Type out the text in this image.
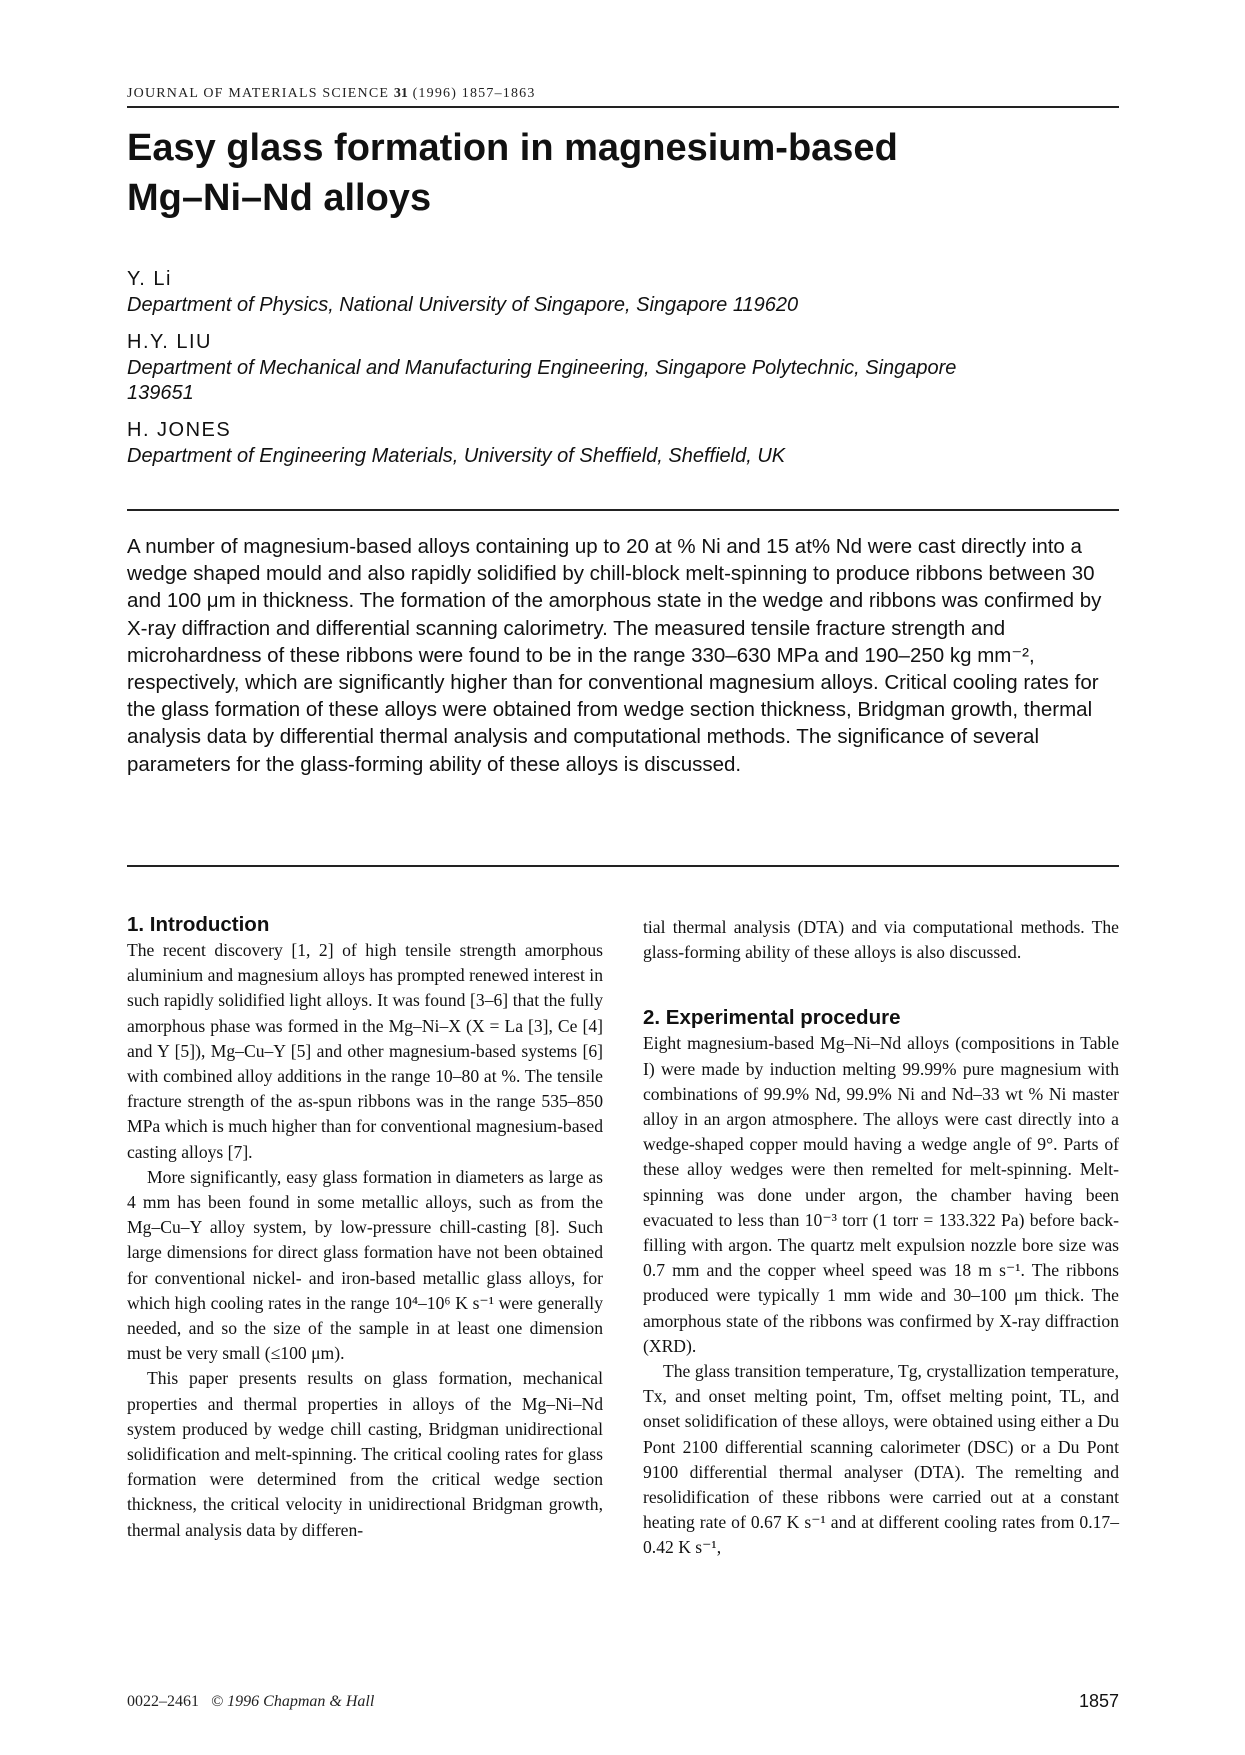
JOURNAL OF MATERIALS SCIENCE 31 (1996) 1857–1863
Easy glass formation in magnesium-based
Mg–Ni–Nd alloys

Y. Li

Department of Physics, National University of Singapore, Singapore 119620

H.Y. LIU

Department of Mechanical and Manufacturing Engineering, Singapore Polytechnic, Singapore 139651

H. JONES

Department of Engineering Materials, University of Sheffield, Sheffield, UK

A number of magnesium-based alloys containing up to 20 at % Ni and 15 at% Nd were cast directly into a wedge shaped mould and also rapidly solidified by chill-block melt-spinning to produce ribbons between 30 and 100 μm in thickness. The formation of the amorphous state in the wedge and ribbons was confirmed by X-ray diffraction and differential scanning calorimetry. The measured tensile fracture strength and microhardness of these ribbons were found to be in the range 330–630 MPa and 190–250 kg mm⁻², respectively, which are significantly higher than for conventional magnesium alloys. Critical cooling rates for the glass formation of these alloys were obtained from wedge section thickness, Bridgman growth, thermal analysis data by differential thermal analysis and computational methods. The significance of several parameters for the glass-forming ability of these alloys is discussed.

1. Introduction

The recent discovery [1, 2] of high tensile strength amorphous aluminium and magnesium alloys has prompted renewed interest in such rapidly solidified light alloys. It was found [3–6] that the fully amorphous phase was formed in the Mg–Ni–X (X = La [3], Ce [4] and Y [5]), Mg–Cu–Y [5] and other magnesium-based systems [6] with combined alloy additions in the range 10–80 at %. The tensile fracture strength of the as-spun ribbons was in the range 535–850 MPa which is much higher than for conventional magnesium-based casting alloys [7].

More significantly, easy glass formation in diameters as large as 4 mm has been found in some metallic alloys, such as from the Mg–Cu–Y alloy system, by low-pressure chill-casting [8]. Such large dimensions for direct glass formation have not been obtained for conventional nickel- and iron-based metallic glass alloys, for which high cooling rates in the range 10⁴–10⁶ K s⁻¹ were generally needed, and so the size of the sample in at least one dimension must be very small (≤100 μm).

This paper presents results on glass formation, mechanical properties and thermal properties in alloys of the Mg–Ni–Nd system produced by wedge chill casting, Bridgman unidirectional solidification and melt-spinning. The critical cooling rates for glass formation were determined from the critical wedge section thickness, the critical velocity in unidirectional Bridgman growth, thermal analysis data by differen-

tial thermal analysis (DTA) and via computational methods. The glass-forming ability of these alloys is also discussed.

2. Experimental procedure

Eight magnesium-based Mg–Ni–Nd alloys (compositions in Table I) were made by induction melting 99.99% pure magnesium with combinations of 99.9% Nd, 99.9% Ni and Nd–33 wt % Ni master alloy in an argon atmosphere. The alloys were cast directly into a wedge-shaped copper mould having a wedge angle of 9°. Parts of these alloy wedges were then remelted for melt-spinning. Melt-spinning was done under argon, the chamber having been evacuated to less than 10⁻³ torr (1 torr = 133.322 Pa) before back-filling with argon. The quartz melt expulsion nozzle bore size was 0.7 mm and the copper wheel speed was 18 m s⁻¹. The ribbons produced were typically 1 mm wide and 30–100 μm thick. The amorphous state of the ribbons was confirmed by X-ray diffraction (XRD).

The glass transition temperature, Tg, crystallization temperature, Tx, and onset melting point, Tm, offset melting point, TL, and onset solidification of these alloys, were obtained using either a Du Pont 2100 differential scanning calorimeter (DSC) or a Du Pont 9100 differential thermal analyser (DTA). The remelting and resolidification of these ribbons were carried out at a constant heating rate of 0.67 K s⁻¹ and at different cooling rates from 0.17–0.42 K s⁻¹,

0022–2461 © 1996 Chapman & Hall	1857
